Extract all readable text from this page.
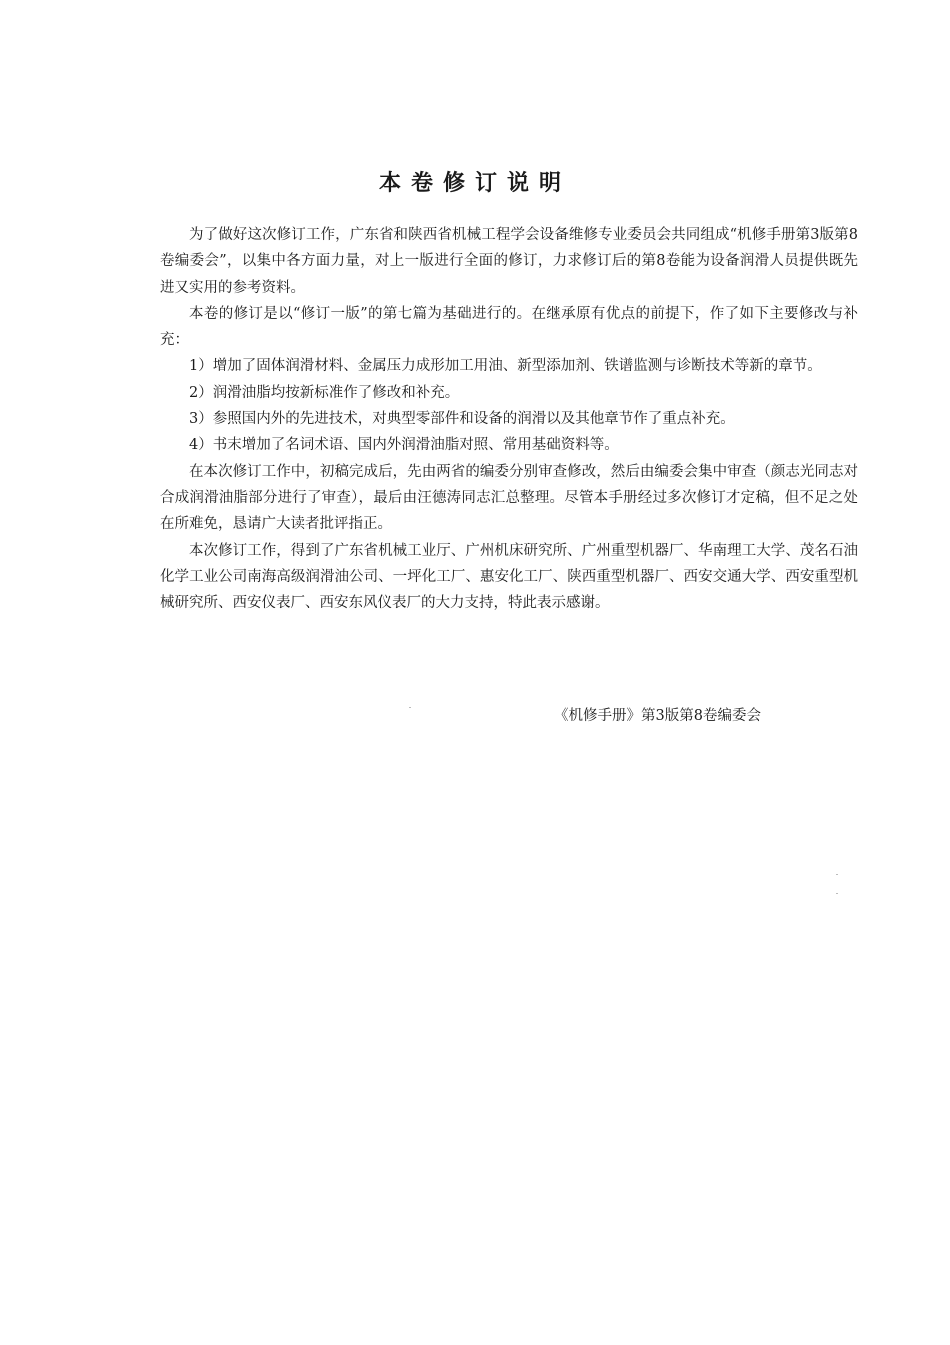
本卷修订说明

为了做好这次修订工作，广东省和陕西省机械工程学会设备维修专业委员会共同组成“机修手册第3版第8卷编委会”，以集中各方面力量，对上一版进行全面的修订，力求修订后的第8卷能为设备润滑人员提供既先进又实用的参考资料。

本卷的修订是以“修订一版”的第七篇为基础进行的。在继承原有优点的前提下，作了如下主要修改与补充：

1）增加了固体润滑材料、金属压力成形加工用油、新型添加剂、铁谱监测与诊断技术等新的章节。

2）润滑油脂均按新标准作了修改和补充。

3）参照国内外的先进技术，对典型零部件和设备的润滑以及其他章节作了重点补充。

4）书末增加了名词术语、国内外润滑油脂对照、常用基础资料等。

在本次修订工作中，初稿完成后，先由两省的编委分别审查修改，然后由编委会集中审查（颜志光同志对合成润滑油脂部分进行了审查），最后由汪德涛同志汇总整理。尽管本手册经过多次修订才定稿，但不足之处在所难免，恳请广大读者批评指正。

本次修订工作，得到了广东省机械工业厅、广州机床研究所、广州重型机器厂、华南理工大学、茂名石油化学工业公司南海高级润滑油公司、一坪化工厂、惠安化工厂、陕西重型机器厂、西安交通大学、西安重型机械研究所、西安仪表厂、西安东风仪表厂的大力支持，特此表示感谢。

《机修手册》第3版第8卷编委会
